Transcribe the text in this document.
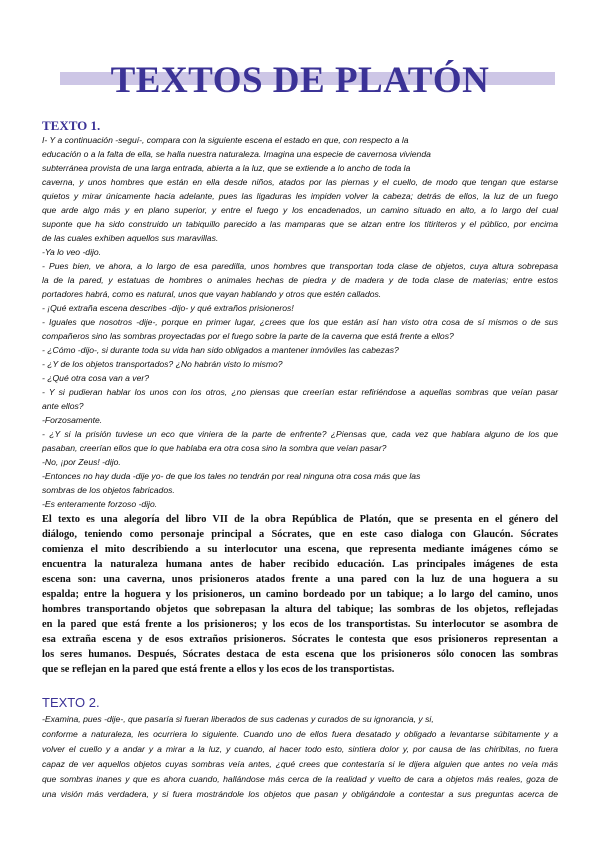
TEXTOS DE PLATÓN
TEXTO 1.
I- Y a continuación -seguí-, compara con la siguiente escena el estado en que, con respecto a la
educación o a la falta de ella, se halla nuestra naturaleza. Imagina una especie de cavernosa vivienda
subterránea provista de una larga entrada, abierta a la luz, que se extiende a lo ancho de toda la
caverna, y unos hombres que están en ella desde niños, atados por las piernas y el cuello, de modo que tengan que estarse
quietos y mirar únicamente hacia adelante, pues las ligaduras les impiden volver la cabeza; detrás de ellos, la luz de un fuego
que arde algo más y en plano superior, y entre el fuego y los encadenados, un camino situado en alto, a lo largo del cual
suponte que ha sido construido un tabiquillo parecido a las mamparas que se alzan entre los titiriteros y el público, por encima
de las cuales exhiben aquellos sus maravillas.
-Ya lo veo -dijo.
- Pues bien, ve ahora, a lo largo de esa paredilla, unos hombres que transportan toda clase de objetos, cuya altura sobrepasa
la de la pared, y estatuas de hombres o animales hechas de piedra y de madera y de toda clase de materias; entre estos
portadores habrá, como es natural, unos que vayan hablando y otros que estén callados.
- ¡Qué extraña escena describes -dijo- y qué extraños prisioneros!
- Iguales que nosotros -dije-, porque en primer lugar, ¿crees que los que están así han visto otra cosa de sí mismos o de sus
compañeros sino las sombras proyectadas por el fuego sobre la parte de la caverna que está frente a ellos?
- ¿Cómo -dijo-, si durante toda su vida han sido obligados a mantener inmóviles las cabezas?
- ¿Y de los objetos transportados? ¿No habrán visto lo mismo?
- ¿Qué otra cosa van a ver?
- Y si pudieran hablar los unos con los otros, ¿no piensas que creerían estar refiriéndose a aquellas sombras que veían pasar
ante ellos?
-Forzosamente.
- ¿Y si la prisión tuviese un eco que viniera de la parte de enfrente? ¿Piensas que, cada vez que hablara alguno de los que
pasaban, creerían ellos que lo que hablaba era otra cosa sino la sombra que veían pasar?
-No, ¡por Zeus! -dijo.
-Entonces no hay duda -dije yo- de que los tales no tendrán por real ninguna otra cosa más que las
sombras de los objetos fabricados.
-Es enteramente forzoso -dijo.
El texto es una alegoría del libro VII de la obra República de Platón, que se presenta en el género del
diálogo, teniendo como personaje principal a Sócrates, que en este caso dialoga con Glaucón. Sócrates
comienza el mito describiendo a su interlocutor una escena, que representa mediante imágenes cómo se
encuentra la naturaleza humana antes de haber recibido educación. Las principales imágenes de esta
escena son: una caverna, unos prisioneros atados frente a una pared con la luz de una hoguera a su
espalda; entre la hoguera y los prisioneros, un camino bordeado por un tabique; a lo largo del camino, unos
hombres transportando objetos que sobrepasan la altura del tabique; las sombras de los objetos, reflejadas
en la pared que está frente a los prisioneros; y los ecos de los transportistas. Su interlocutor se asombra de
esa extraña escena y de esos extraños prisioneros. Sócrates le contesta que esos prisioneros representan a
los seres humanos. Después, Sócrates destaca de esta escena que los prisioneros sólo conocen las sombras
que se reflejan en la pared que está frente a ellos y los ecos de los transportistas.
TEXTO 2.
-Examina, pues -dije-, que pasaría si fueran liberados de sus cadenas y curados de su ignorancia, y si,
conforme a naturaleza, les ocurriera lo siguiente. Cuando uno de ellos fuera desatado y obligado a levantarse súbitamente y a
volver el cuello y a andar y a mirar a la luz, y cuando, al hacer todo esto, sintiera dolor y, por causa de las chiribitas, no fuera
capaz de ver aquellos objetos cuyas sombras veía antes, ¿qué crees que contestaría si le dijera alguien que antes no veía más
que sombras inanes y que es ahora cuando, hallándose más cerca de la realidad y vuelto de cara a objetos más reales, goza de
una visión más verdadera, y si fuera mostrándole los objetos que pasan y obligándole a contestar a sus preguntas acerca de
